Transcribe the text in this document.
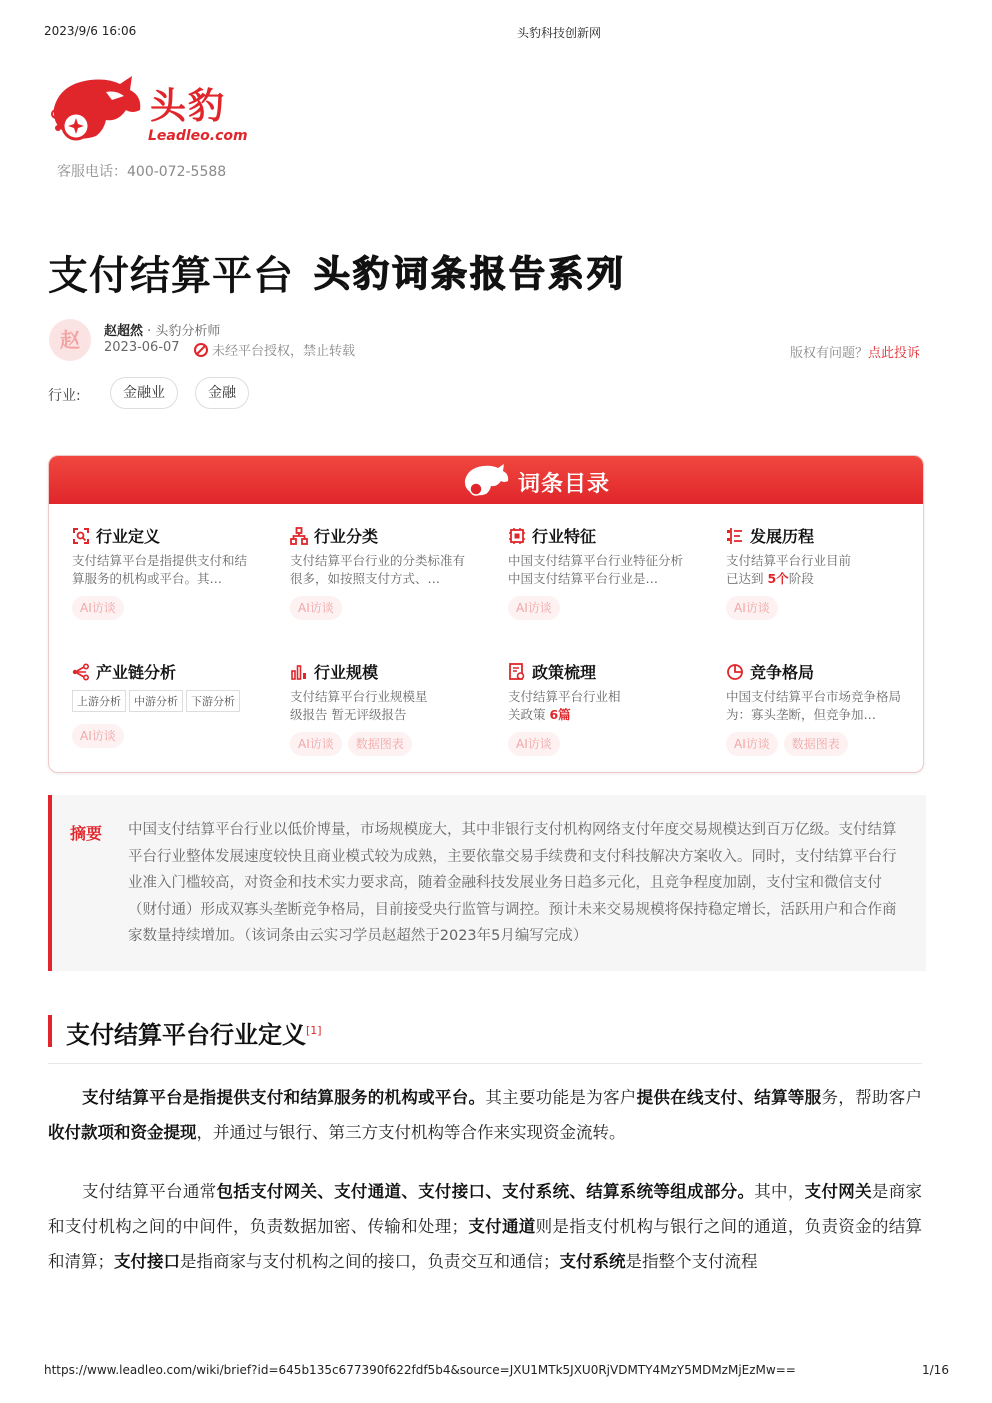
2023/9/6 16:06	头豹科技创新网
头豹
Leadleo.com
客服电话：400-072-5588
支付结算平台 头豹词条报告系列
赵	赵超然 · 头豹分析师
2023-06-07	未经平台授权，禁止转载	版权有问题？点此投诉
行业:	金融业	金融
词条目录
行业定义
支付结算平台是指提供支付和结算服务的机构或平台。其…
AI访谈
行业分类
支付结算平台行业的分类标准有很多，如按照支付方式、…
AI访谈
行业特征
中国支付结算平台行业特征分析中国支付结算平台行业是…
AI访谈
发展历程
支付结算平台行业目前已达到 5个阶段
AI访谈
产业链分析
上游分析 中游分析 下游分析
AI访谈
行业规模
支付结算平台行业规模星级报告 暂无评级报告
AI访谈 数据图表
政策梳理
支付结算平台行业相关政策 6篇
AI访谈
竞争格局
中国支付结算平台市场竞争格局为：寡头垄断，但竞争加…
AI访谈 数据图表
摘要 中国支付结算平台行业以低价博量，市场规模庞大，其中非银行支付机构网络支付年度交易规模达到百万亿级。支付结算平台行业整体发展速度较快且商业模式较为成熟，主要依靠交易手续费和支付科技解决方案收入。同时，支付结算平台行业准入门槛较高，对资金和技术实力要求高，随着金融科技发展业务日趋多元化，且竞争程度加剧，支付宝和微信支付（财付通）形成双寡头垄断竞争格局，目前接受央行监管与调控。预计未来交易规模将保持稳定增长，活跃用户和合作商家数量持续增加。（该词条由云实习学员赵超然于2023年5月编写完成）
支付结算平台行业定义[1]
支付结算平台是指提供支付和结算服务的机构或平台。其主要功能是为客户提供在线支付、结算等服务，帮助客户收付款项和资金提现，并通过与银行、第三方支付机构等合作来实现资金流转。
支付结算平台通常包括支付网关、支付通道、支付接口、支付系统、结算系统等组成部分。其中，支付网关是商家和支付机构之间的中间件，负责数据加密、传输和处理；支付通道则是指支付机构与银行之间的通道，负责资金的结算和清算；支付接口是指商家与支付机构之间的接口，负责交互和通信；支付系统是指整个支付流程
https://www.leadleo.com/wiki/brief?id=645b135c677390f622fdf5b4&source=JXU1MTk5JXU0RjVDMTY4MzY5MDMzMjEzMw==	1/16
